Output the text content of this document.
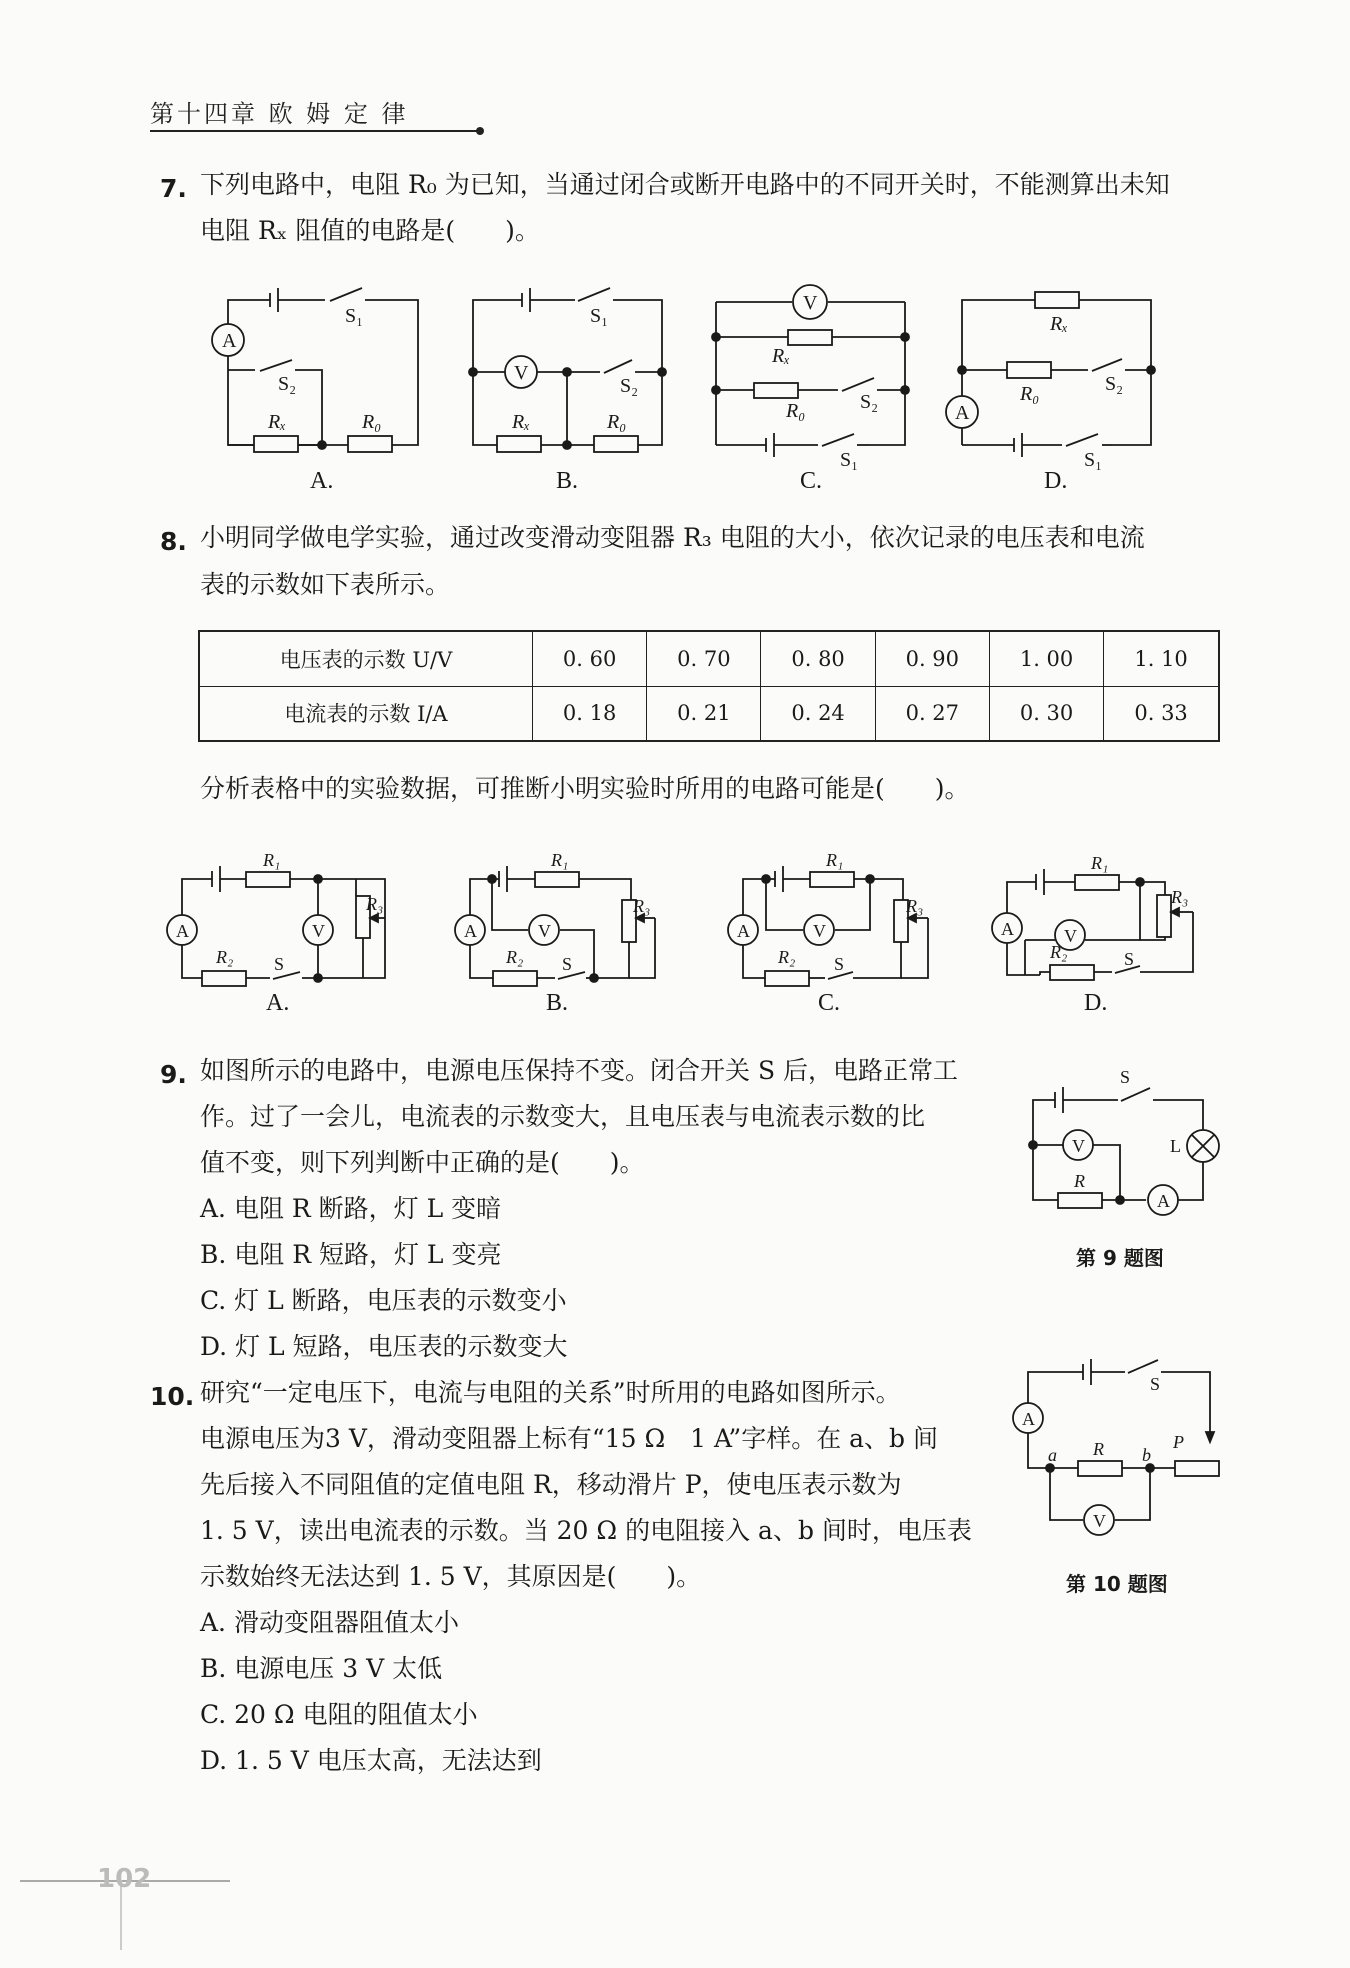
第十四章 欧 姆 定 律
7. 下列电路中，电阻 R₀ 为已知，当通过闭合或断开电路中的不同开关时，不能测算出未知
电阻 Rₓ 阻值的电路是(　　)。
A
S₁
S₂
Rₓ	R₀
V
S₁
S₂
Rₓ	R₀
V
Rₓ
R₀	S₂
S₁
Rₓ
R₀	S₂
S₁
A
A.	B.	C.	D.
8. 小明同学做电学实验，通过改变滑动变阻器 R₃ 电阻的大小，依次记录的电压表和电流
表的示数如下表所示。
电压表的示数 U/V	0. 60	0. 70	0. 80	0. 90	1. 00	1. 10
电流表的示数 I/A	0. 18	0. 21	0. 24	0. 27	0. 30	0. 33
分析表格中的实验数据，可推断小明实验时所用的电路可能是(　　)。
A	V
R₁
R₂ S
R₃
A	V
R₁
R₂ S
R₃
A	V
R₁
R₂ S
R₃
A	V
R₁
R₂	S
R₃
A.	B.	C.	D.
9. 如图所示的电路中，电源电压保持不变。闭合开关 S 后，电路正常工
作。过了一会儿，电流表的示数变大，且电压表与电流表示数的比
值不变，则下列判断中正确的是(　　)。
A. 电阻 R 断路，灯 L 变暗
B. 电阻 R 短路，灯 L 变亮
C. 灯 L 断路，电压表的示数变小
D. 灯 L 短路，电压表的示数变大
S
L
V
R
A
第 9 题图
10. 研究“一定电压下，电流与电阻的关系”时所用的电路如图所示。
电源电压为3 V，滑动变阻器上标有“15 Ω　1 A”字样。在 a、b 间
先后接入不同阻值的定值电阻 R，移动滑片 P，使电压表示数为
1. 5 V，读出电流表的示数。当 20 Ω 的电阻接入 a、b 间时，电压表
示数始终无法达到 1. 5 V，其原因是(　　)。
A. 滑动变阻器阻值太小
B. 电源电压 3 V 太低
C. 20 Ω 电阻的阻值太小
D. 1. 5 V 电压太高，无法达到
S
A
R
a	b
P
V
第 10 题图
102
